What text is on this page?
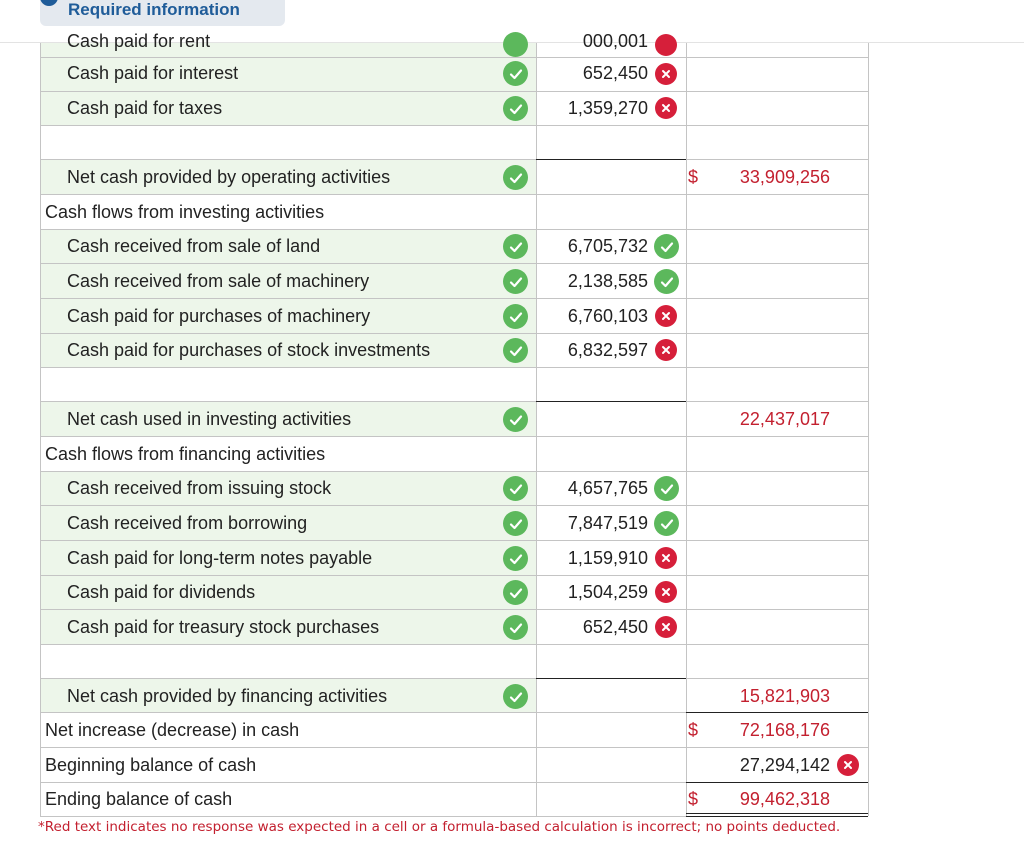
Required information
Cash paid for rent	000,001
Cash paid for interest	652,450
Cash paid for taxes	1,359,270
Net cash provided by operating activities	$ 33,909,256
Cash flows from investing activities
Cash received from sale of land	6,705,732
Cash received from sale of machinery	2,138,585
Cash paid for purchases of machinery	6,760,103
Cash paid for purchases of stock investments	6,832,597
Net cash used in investing activities	22,437,017
Cash flows from financing activities
Cash received from issuing stock	4,657,765
Cash received from borrowing	7,847,519
Cash paid for long-term notes payable	1,159,910
Cash paid for dividends	1,504,259
Cash paid for treasury stock purchases	652,450
Net cash provided by financing activities	15,821,903
Net increase (decrease) in cash	$ 72,168,176
Beginning balance of cash	27,294,142
Ending balance of cash	$ 99,462,318
*Red text indicates no response was expected in a cell or a formula-based calculation is incorrect; no points deducted.
